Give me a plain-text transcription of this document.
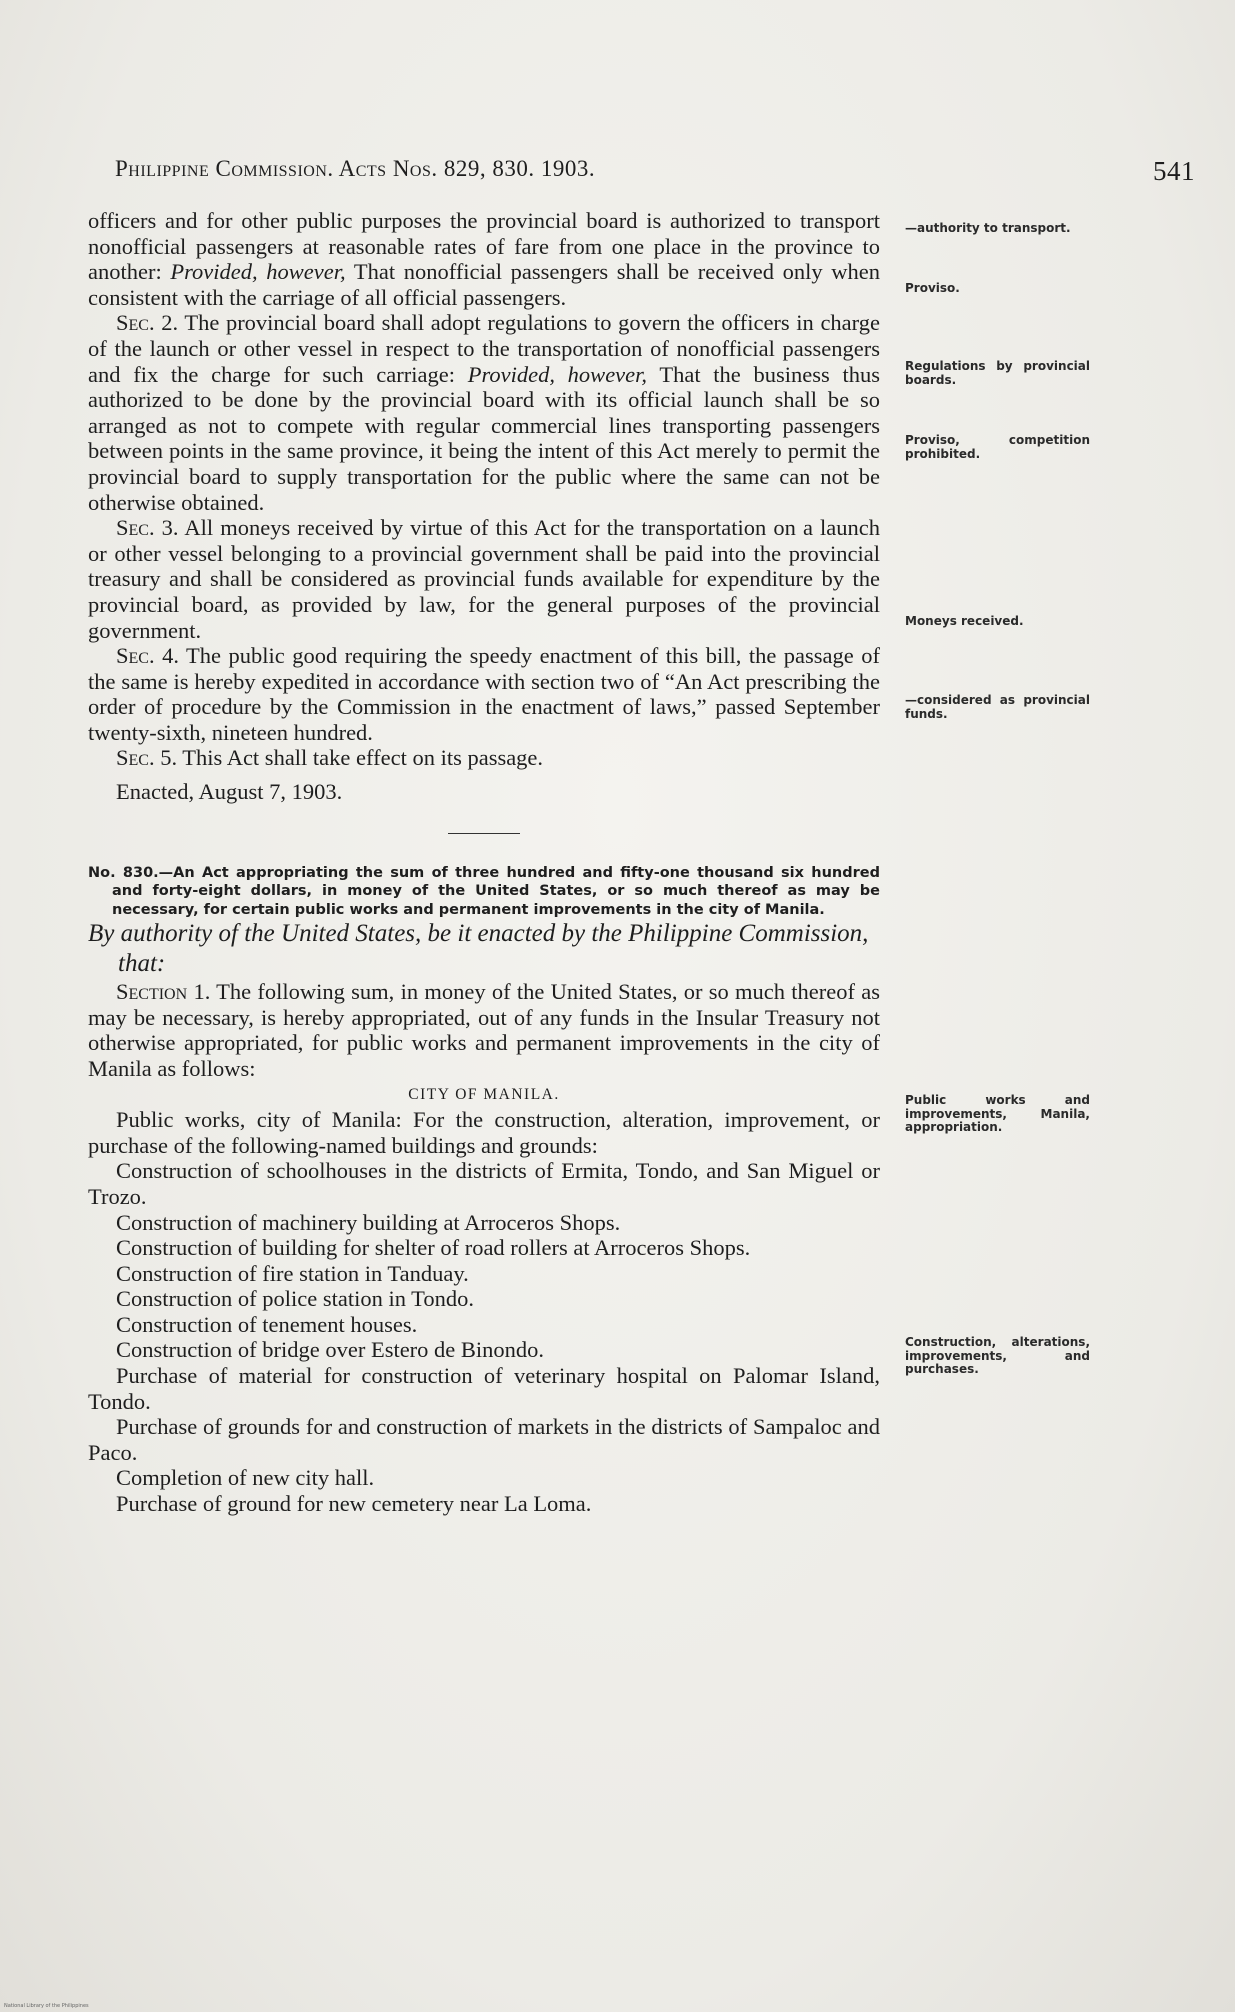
Philippine Commission. Acts Nos. 829, 830. 1903.	541
—authority to transport.
Proviso.
Regulations by provincial boards.
Proviso, competition prohibited.
Moneys received.
—considered as provincial funds.
Public works and improvements, Manila, appropriation.
Construction, alterations, improvements, and purchases.

officers and for other public purposes the provincial board is authorized to transport nonofficial passengers at reasonable rates of fare from one place in the province to another: Provided, however, That nonofficial passengers shall be received only when consistent with the carriage of all official passengers.

Sec. 2. The provincial board shall adopt regulations to govern the officers in charge of the launch or other vessel in respect to the transportation of nonofficial passengers and fix the charge for such carriage: Provided, however, That the business thus authorized to be done by the provincial board with its official launch shall be so arranged as not to compete with regular commercial lines transporting passengers between points in the same province, it being the intent of this Act merely to permit the provincial board to supply transportation for the public where the same can not be otherwise obtained.

Sec. 3. All moneys received by virtue of this Act for the transportation on a launch or other vessel belonging to a provincial government shall be paid into the provincial treasury and shall be considered as provincial funds available for expenditure by the provincial board, as provided by law, for the general purposes of the provincial government.

Sec. 4. The public good requiring the speedy enactment of this bill, the passage of the same is hereby expedited in accordance with section two of “An Act prescribing the order of procedure by the Commission in the enactment of laws,” passed September twenty-sixth, nineteen hundred.

Sec. 5. This Act shall take effect on its passage.

Enacted, August 7, 1903.

No. 830.—An Act appropriating the sum of three hundred and fifty-one thousand six hundred and forty-eight dollars, in money of the United States, or so much thereof as may be necessary, for certain public works and permanent improvements in the city of Manila.

By authority of the United States, be it enacted by the Philippine Commission, that:

Section 1. The following sum, in money of the United States, or so much thereof as may be necessary, is hereby appropriated, out of any funds in the Insular Treasury not otherwise appropriated, for public works and permanent improvements in the city of Manila as follows:

CITY OF MANILA.

Public works, city of Manila: For the construction, alteration, improvement, or purchase of the following-named buildings and grounds:

Construction of schoolhouses in the districts of Ermita, Tondo, and San Miguel or Trozo.

Construction of machinery building at Arroceros Shops.

Construction of building for shelter of road rollers at Arroceros Shops.

Construction of fire station in Tanduay.

Construction of police station in Tondo.

Construction of tenement houses.

Construction of bridge over Estero de Binondo.

Purchase of material for construction of veterinary hospital on Palomar Island, Tondo.

Purchase of grounds for and construction of markets in the districts of Sampaloc and Paco.

Completion of new city hall.

Purchase of ground for new cemetery near La Loma.

National Library of the Philippines
